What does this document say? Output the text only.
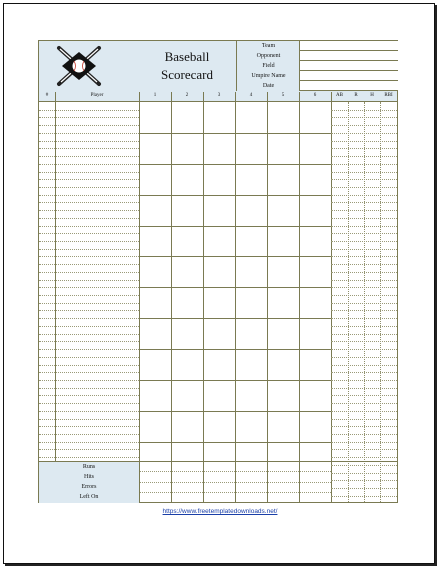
Baseball
Scorecard
Team
Opponent
Field
Umpire Name
Date
#	Player	1	2	3	4	5	6	AB	R	H	RBI
Runs
Hits
Errors
Left On
https://www.freetemplatedownloads.net/
